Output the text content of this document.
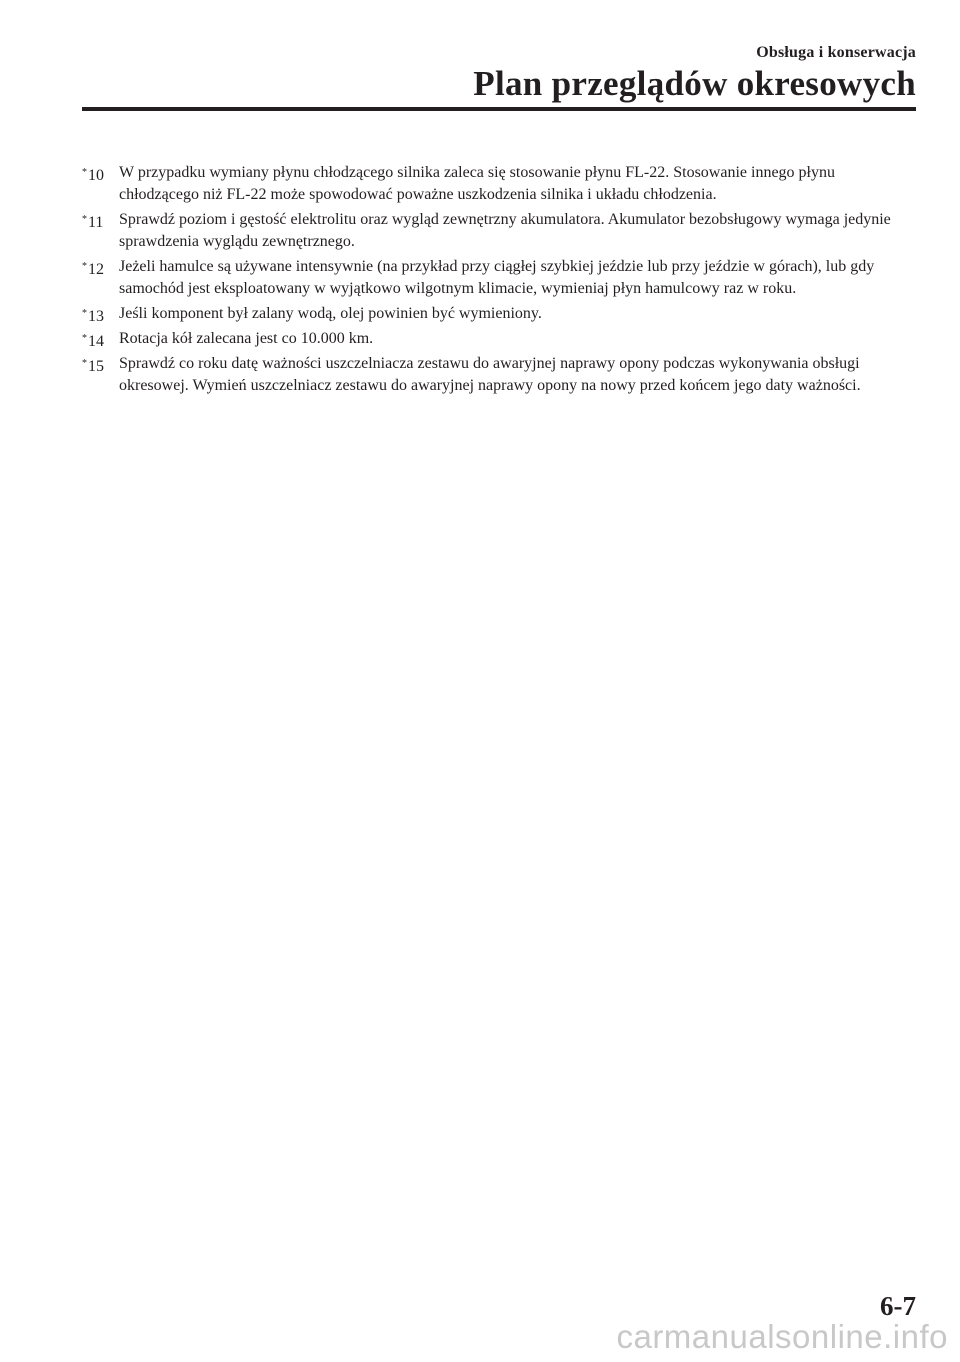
Obsługa i konserwacja
Plan przeglądów okresowych
*10 W przypadku wymiany płynu chłodzącego silnika zaleca się stosowanie płynu FL-22. Stosowanie innego płynu chłodzącego niż FL-22 może spowodować poważne uszkodzenia silnika i układu chłodzenia.
*11 Sprawdź poziom i gęstość elektrolitu oraz wygląd zewnętrzny akumulatora. Akumulator bezobsługowy wymaga jedynie sprawdzenia wyglądu zewnętrznego.
*12 Jeżeli hamulce są używane intensywnie (na przykład przy ciągłej szybkiej jeździe lub przy jeździe w górach), lub gdy samochód jest eksploatowany w wyjątkowo wilgotnym klimacie, wymieniaj płyn hamulcowy raz w roku.
*13 Jeśli komponent był zalany wodą, olej powinien być wymieniony.
*14 Rotacja kół zalecana jest co 10.000 km.
*15 Sprawdź co roku datę ważności uszczelniacza zestawu do awaryjnej naprawy opony podczas wykonywania obsługi okresowej. Wymień uszczelniacz zestawu do awaryjnej naprawy opony na nowy przed końcem jego daty ważności.
6-7
carmanualsonline.info
